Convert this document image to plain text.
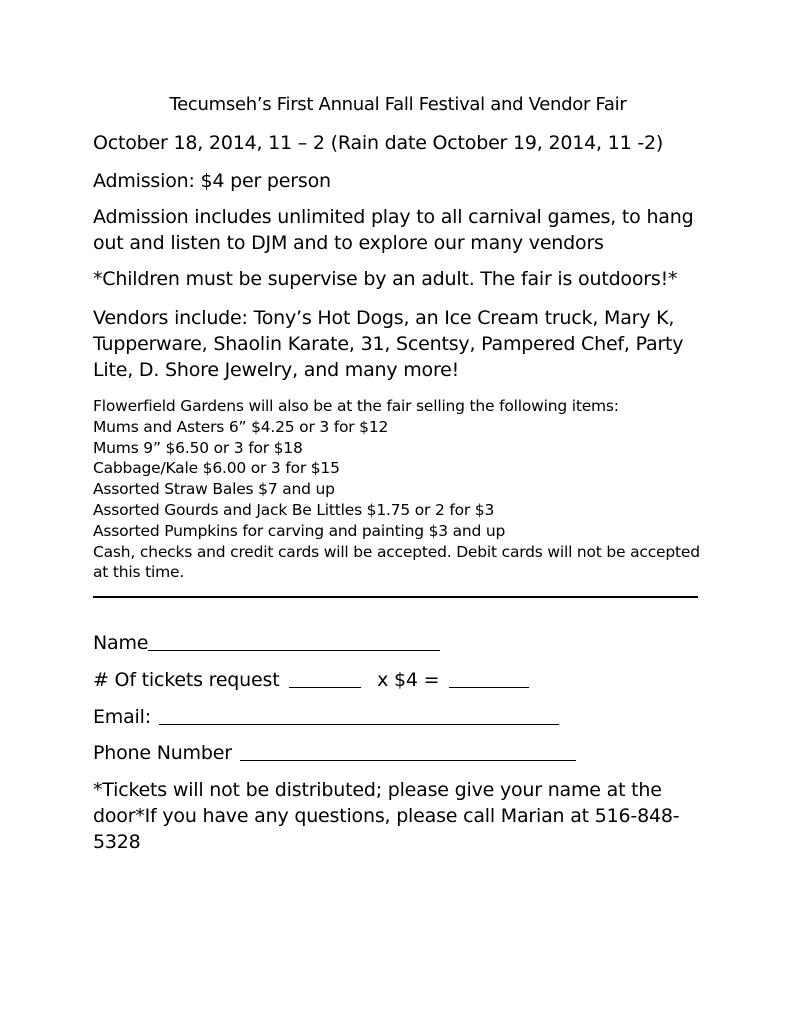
Tecumseh’s First Annual Fall Festival and Vendor Fair
October 18, 2014, 11 – 2 (Rain date October 19, 2014, 11 -2)
Admission: $4 per person
Admission includes unlimited play to all carnival games, to hang out and listen to DJM and to explore our many vendors
*Children must be supervise by an adult. The fair is outdoors!*
Vendors include: Tony’s Hot Dogs, an Ice Cream truck, Mary K, Tupperware, Shaolin Karate, 31, Scentsy, Pampered Chef, Party Lite, D. Shore Jewelry, and many more!
Flowerfield Gardens will also be at the fair selling the following items:
Mums and Asters 6” $4.25 or 3 for $12
Mums 9” $6.50 or 3 for $18
Cabbage/Kale $6.00 or 3 for $15
Assorted Straw Bales $7 and up
Assorted Gourds and Jack Be Littles $1.75 or 2 for $3
Assorted Pumpkins for carving and painting $3 and up
Cash, checks and credit cards will be accepted. Debit cards will not be accepted at this time.
Name
# Of tickets request	x $4 =
Email:
Phone Number
*Tickets will not be distributed; please give your name at the door*If you have any questions, please call Marian at 516-848-5328
